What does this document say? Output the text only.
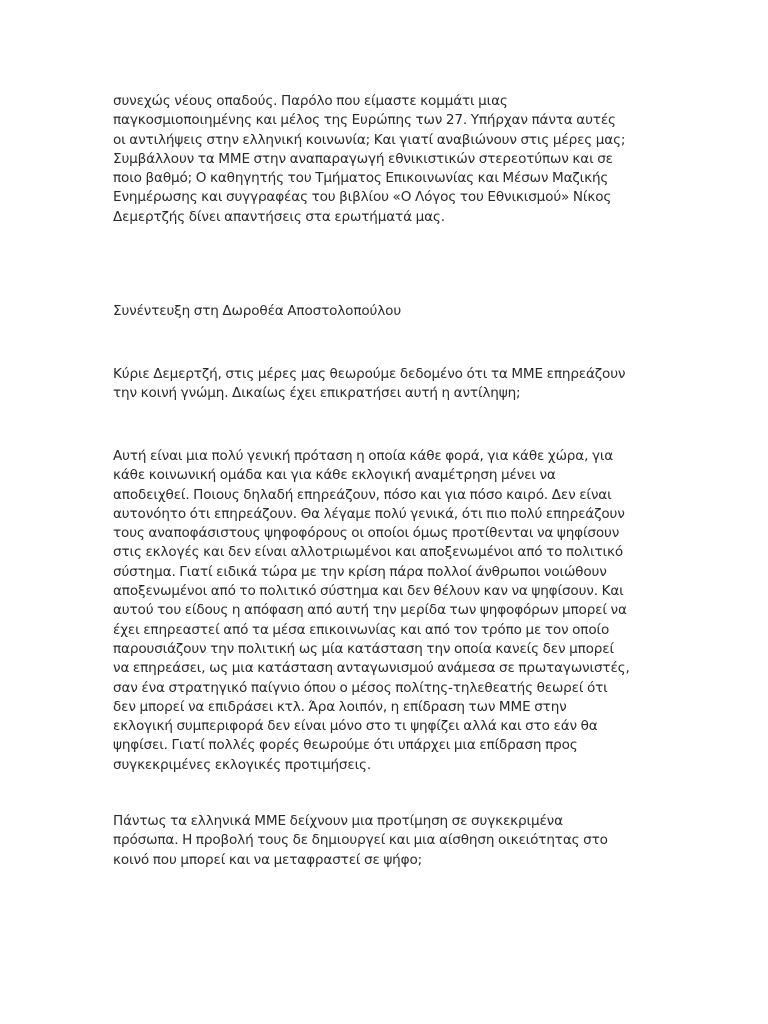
συνεχώς νέους οπαδούς. Παρόλο που είμαστε κομμάτι μιας
παγκοσμιοποιημένης και μέλος της Ευρώπης των 27. Υπήρχαν πάντα αυτές
οι αντιλήψεις στην ελληνική κοινωνία; Και γιατί αναβιώνουν στις μέρες μας;
Συμβάλλουν τα ΜΜΕ στην αναπαραγωγή εθνικιστικών στερεοτύπων και σε
ποιο βαθμό; Ο καθηγητής του Τμήματος Επικοινωνίας και Μέσων Μαζικής
Ενημέρωσης και συγγραφέας του βιβλίου «Ο Λόγος του Εθνικισμού» Νίκος
Δεμερτζής δίνει απαντήσεις στα ερωτήματά μας.

Συνέντευξη στη Δωροθέα Αποστολοπούλου

Κύριε Δεμερτζή, στις μέρες μας θεωρούμε δεδομένο ότι τα ΜΜΕ επηρεάζουν
την κοινή γνώμη. Δικαίως έχει επικρατήσει αυτή η αντίληψη;

Αυτή είναι μια πολύ γενική πρόταση η οποία κάθε φορά, για κάθε χώρα, για
κάθε κοινωνική ομάδα και για κάθε εκλογική αναμέτρηση μένει να
αποδειχθεί. Ποιους δηλαδή επηρεάζουν, πόσο και για πόσο καιρό. Δεν είναι
αυτονόητο ότι επηρεάζουν. Θα λέγαμε πολύ γενικά, ότι πιο πολύ επηρεάζουν
τους αναποφάσιστους ψηφοφόρους οι οποίοι όμως προτίθενται να ψηφίσουν
στις εκλογές και δεν είναι αλλοτριωμένοι και αποξενωμένοι από το πολιτικό
σύστημα. Γιατί ειδικά τώρα με την κρίση πάρα πολλοί άνθρωποι νοιώθουν
αποξενωμένοι από το πολιτικό σύστημα και δεν θέλουν καν να ψηφίσουν. Και
αυτού του είδους η απόφαση από αυτή την μερίδα των ψηφοφόρων μπορεί να
έχει επηρεαστεί από τα μέσα επικοινωνίας και από τον τρόπο με τον οποίο
παρουσιάζουν την πολιτική ως μία κατάσταση την οποία κανείς δεν μπορεί
να επηρεάσει, ως μια κατάσταση ανταγωνισμού ανάμεσα σε πρωταγωνιστές,
σαν ένα στρατηγικό παίγνιο όπου ο μέσος πολίτης-τηλεθεατής θεωρεί ότι
δεν μπορεί να επιδράσει κτλ. Άρα λοιπόν, η επίδραση των ΜΜΕ στην
εκλογική συμπεριφορά δεν είναι μόνο στο τι ψηφίζει αλλά και στο εάν θα
ψηφίσει. Γιατί πολλές φορές θεωρούμε ότι υπάρχει μια επίδραση προς
συγκεκριμένες εκλογικές προτιμήσεις.

Πάντως τα ελληνικά ΜΜΕ δείχνουν μια προτίμηση σε συγκεκριμένα
πρόσωπα. Η προβολή τους δε δημιουργεί και μια αίσθηση οικειότητας στο
κοινό που μπορεί και να μεταφραστεί σε ψήφο;
